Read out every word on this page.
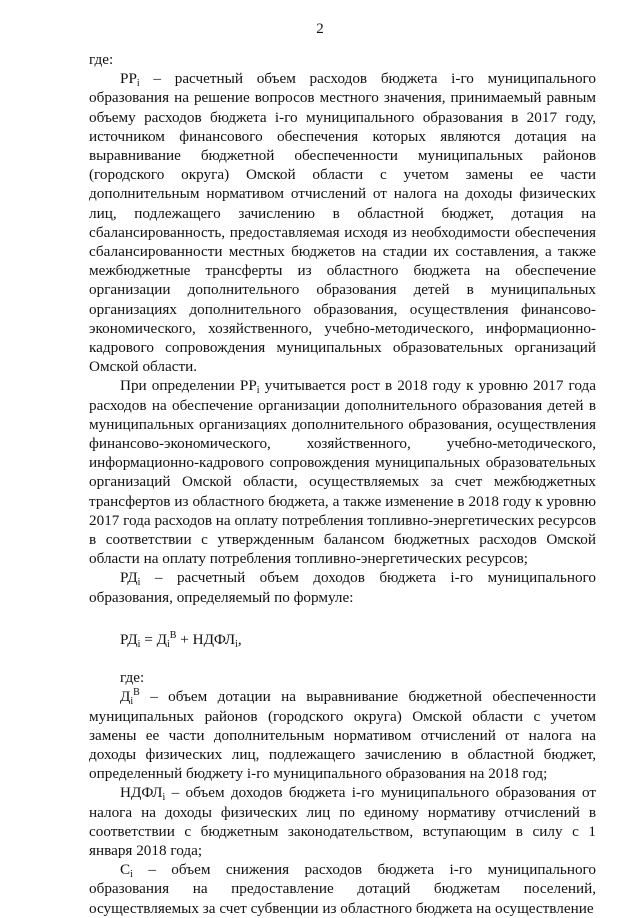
2

где:

$PP_i$ – расчетный объем расходов бюджета i-го муниципального образования на решение вопросов местного значения, принимаемый равным объему расходов бюджета i-го муниципального образования в 2017 году, источником финансового обеспечения которых являются дотация на выравнивание бюджетной обеспеченности муниципальных районов (городского округа) Омской области с учетом замены ее части дополнительным нормативом отчислений от налога на доходы физических лиц, подлежащего зачислению в областной бюджет, дотация на сбалансированность, предоставляемая исходя из необходимости обеспечения сбалансированности местных бюджетов на стадии их составления, а также межбюджетные трансферты из областного бюджета на обеспечение организации дополнительного образования детей в муниципальных организациях дополнительного образования, осуществления финансово-экономического, хозяйственного, учебно-методического, информационно-кадрового сопровождения муниципальных образовательных организаций Омской области.

При определении $РР_i$ учитывается рост в 2018 году к уровню 2017 года расходов на обеспечение организации дополнительного образования детей в муниципальных организациях дополнительного образования, осуществления финансово-экономического, хозяйственного, учебно-методического, информационно-кадрового сопровождения муниципальных образовательных организаций Омской области, осуществляемых за счет межбюджетных трансфертов из областного бюджета, а также изменение в 2018 году к уровню 2017 года расходов на оплату потребления топливно-энергетических ресурсов в соответствии с утвержденным балансом бюджетных расходов Омской области на оплату потребления топливно-энергетических ресурсов;

$РД_i$ – расчетный объем доходов бюджета i-го муниципального образования, определяемый по формуле:

$РД_i = Д_i^В$ + $НДФЛ_i$,

где:

$Д_i^В$ – объем дотации на выравнивание бюджетной обеспеченности муниципальных районов (городского округа) Омской области с учетом замены ее части дополнительным нормативом отчислений от налога на доходы физических лиц, подлежащего зачислению в областной бюджет, определенный бюджету i-го муниципального образования на 2018 год;

$НДФЛ_i$ – объем доходов бюджета i-го муниципального образования от налога на доходы физических лиц по единому нормативу отчислений в соответствии с бюджетным законодательством, вступающим в силу с 1 января 2018 года;

$С_i$ – объем снижения расходов бюджета i-го муниципального образования на предоставление дотаций бюджетам поселений, осуществляемых за счет субвенции из областного бюджета на осуществление
